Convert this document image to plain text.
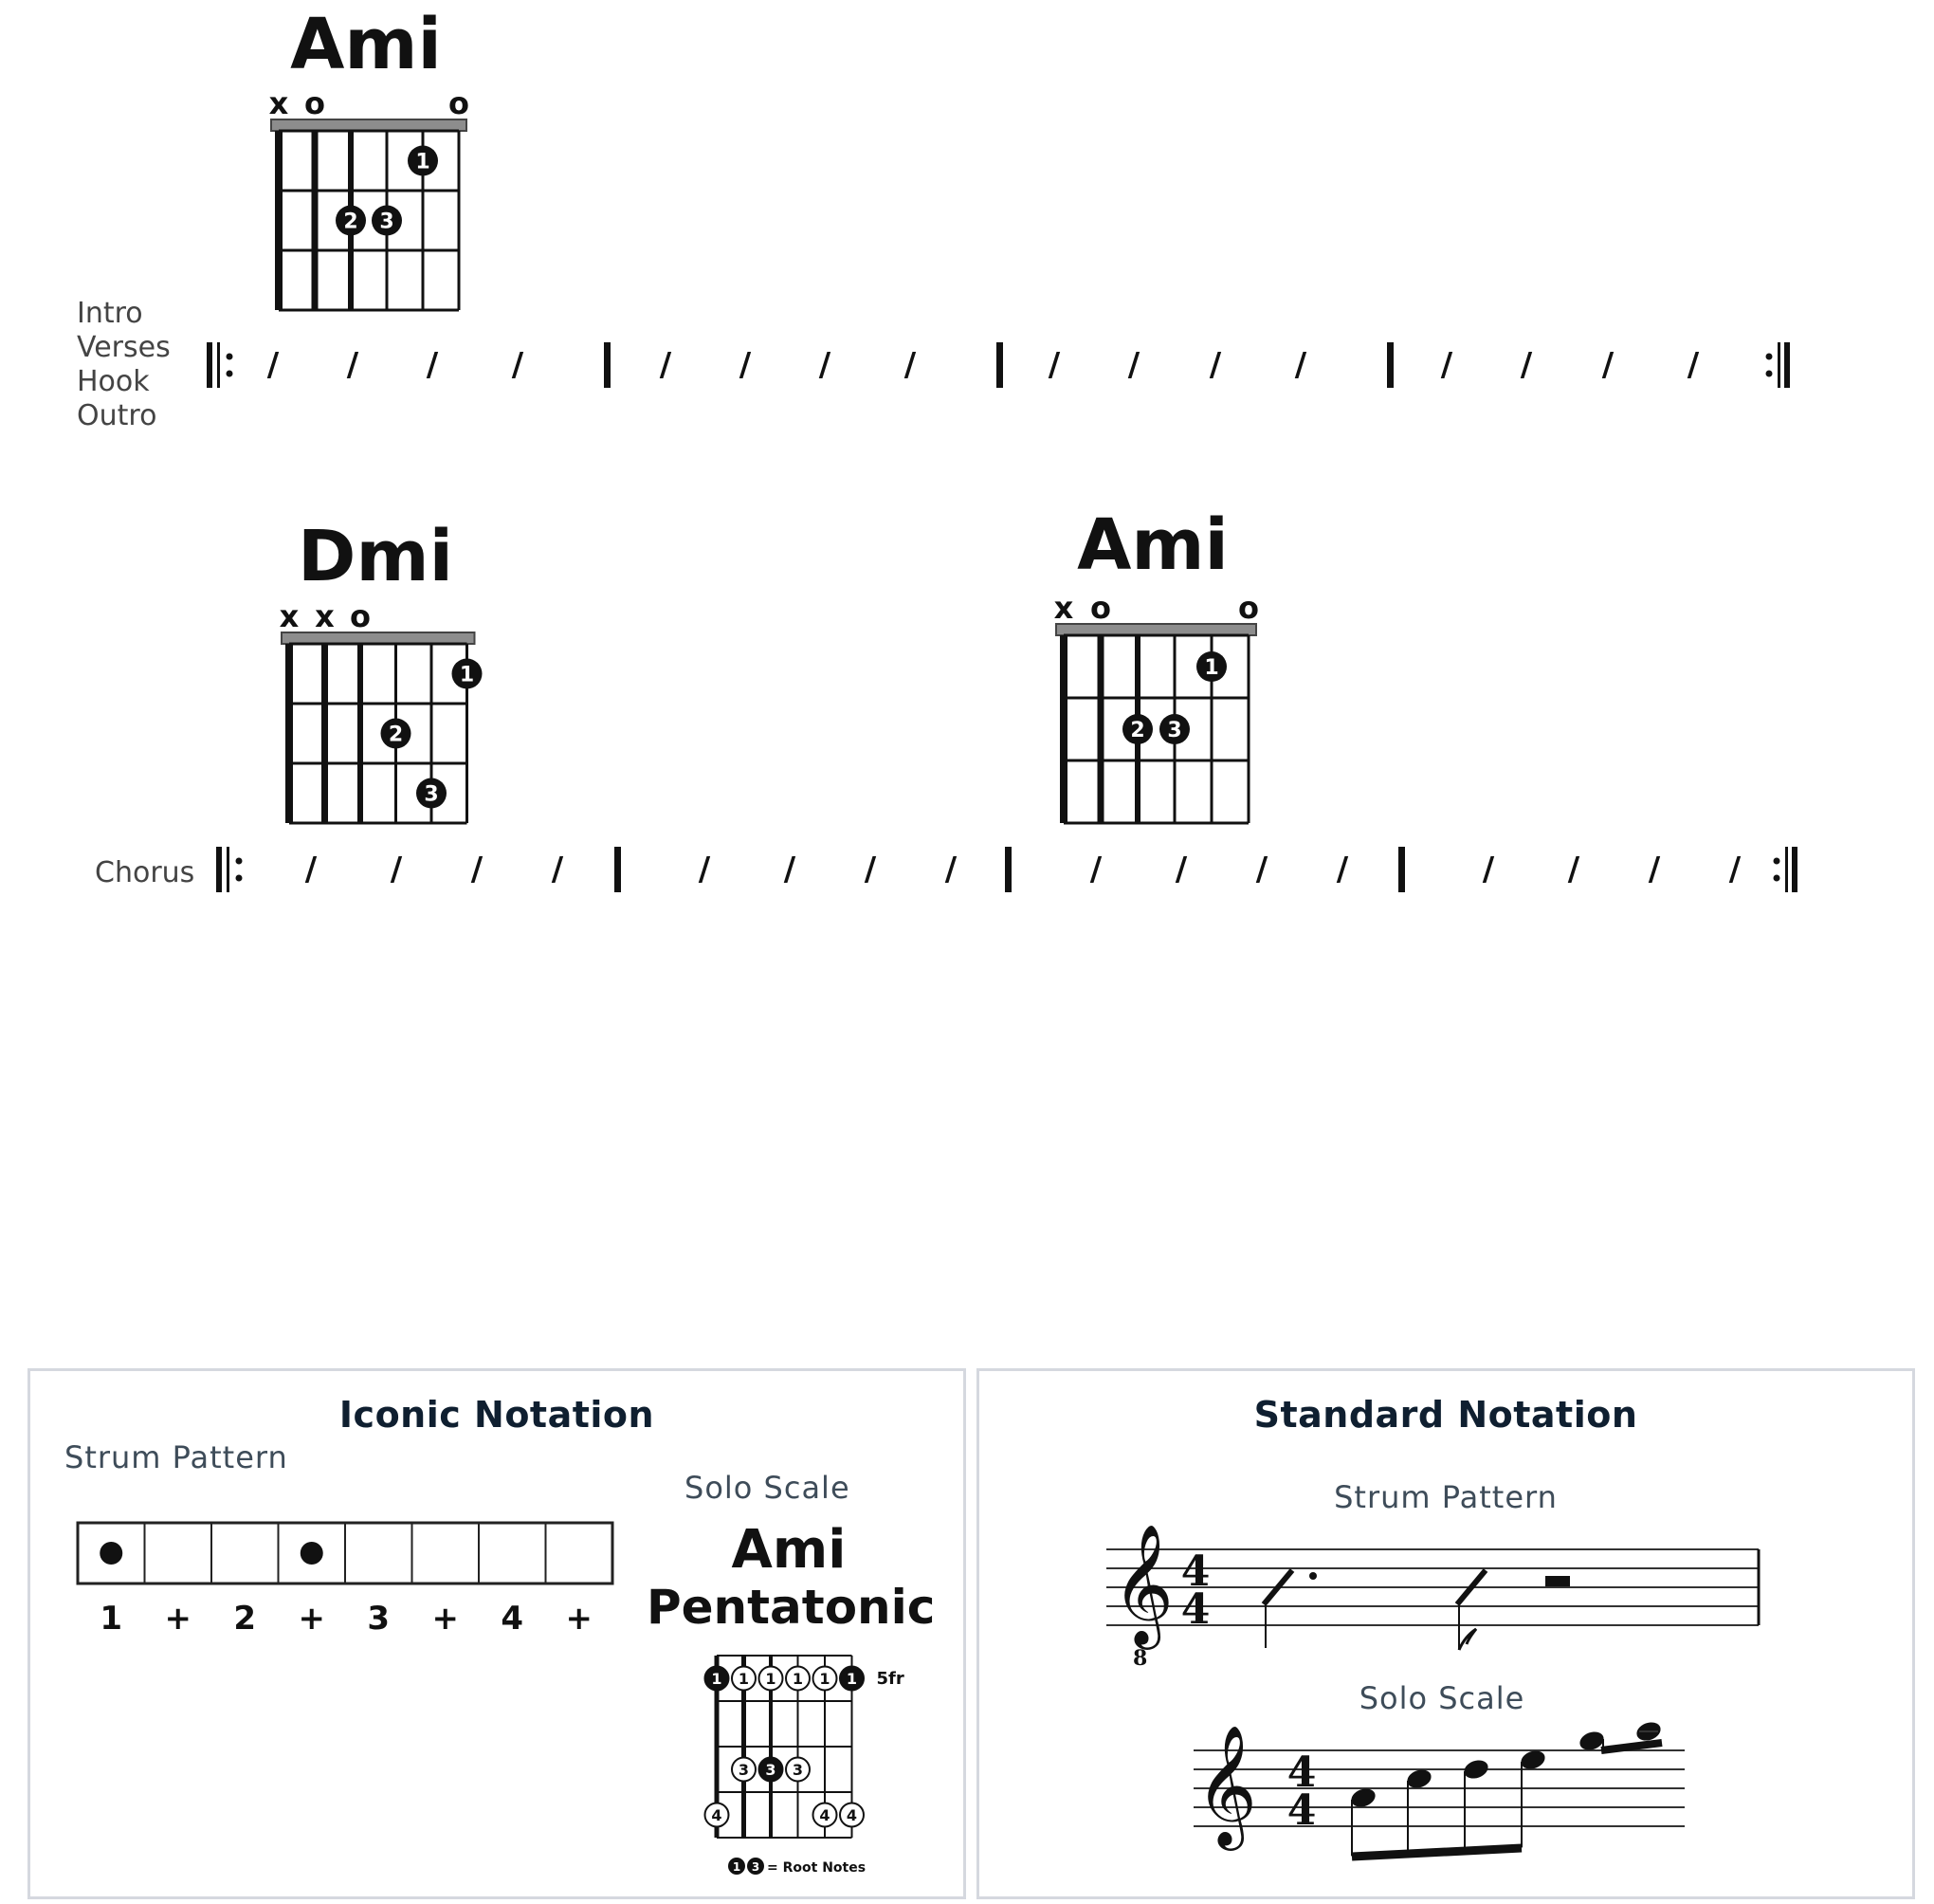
Ami
x o	o
1
2 3
Intro
Verses
Hook
Outro
/ / / /	/ / / /	/ / / /	/ / / /
Dmi
x x o
1
2
3
Ami
x o	o
1
2 3
Chorus	/ / / /	/ / / /	/ / / /	/ / / /
Iconic Notation
Strum Pattern
Solo Scale
Ami
Pentatonic
1 + 2 + 3 + 4 +
5fr
1 1 1 1 1 1
3 3 3
4	4 4
1 3 = Root Notes
Standard Notation
Strum Pattern
Solo Scale
𝄞
8
4
4
𝄞 4
4
